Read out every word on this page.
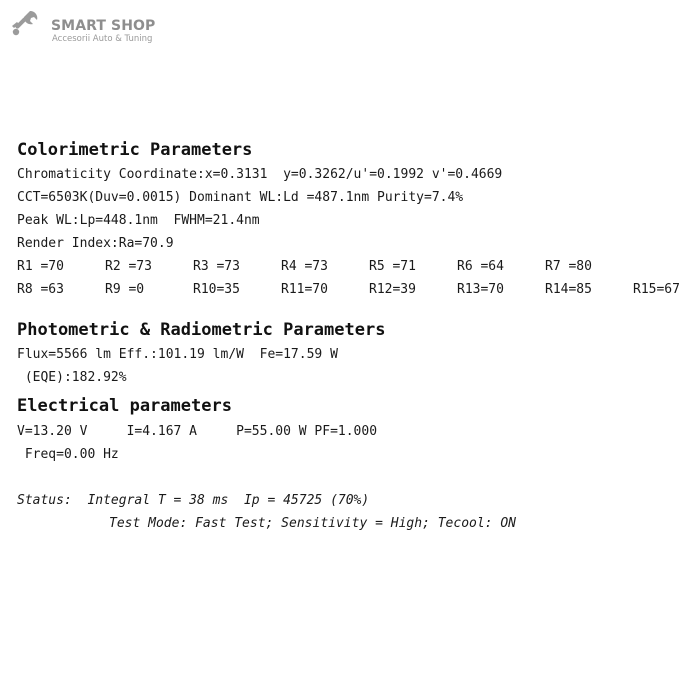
SMART SHOP
Accesorii Auto & Tuning
Colorimetric Parameters
Chromaticity Coordinate:x=0.3131  y=0.3262/u'=0.1992 v'=0.4669
CCT=6503K(Duv=0.0015) Dominant WL:Ld =487.1nm Purity=7.4%
Peak WL:Lp=448.1nm  FWHM=21.4nm
Render Index:Ra=70.9
R1 =70	R2 =73	R3 =73	R4 =73	R5 =71	R6 =64	R7 =80
R8 =63	R9 =0	R10=35	R11=70	R12=39	R13=70	R14=85	R15=67
Photometric & Radiometric Parameters
Flux=5566 lm Eff.:101.19 lm/W  Fe=17.59 W
(EQE):182.92%
Electrical parameters
V=13.20 V     I=4.167 A     P=55.00 W PF=1.000
Freq=0.00 Hz
Status:  Integral T = 38 ms  Ip = 45725 (70%)
Test Mode: Fast Test; Sensitivity = High; Tecool: ON
